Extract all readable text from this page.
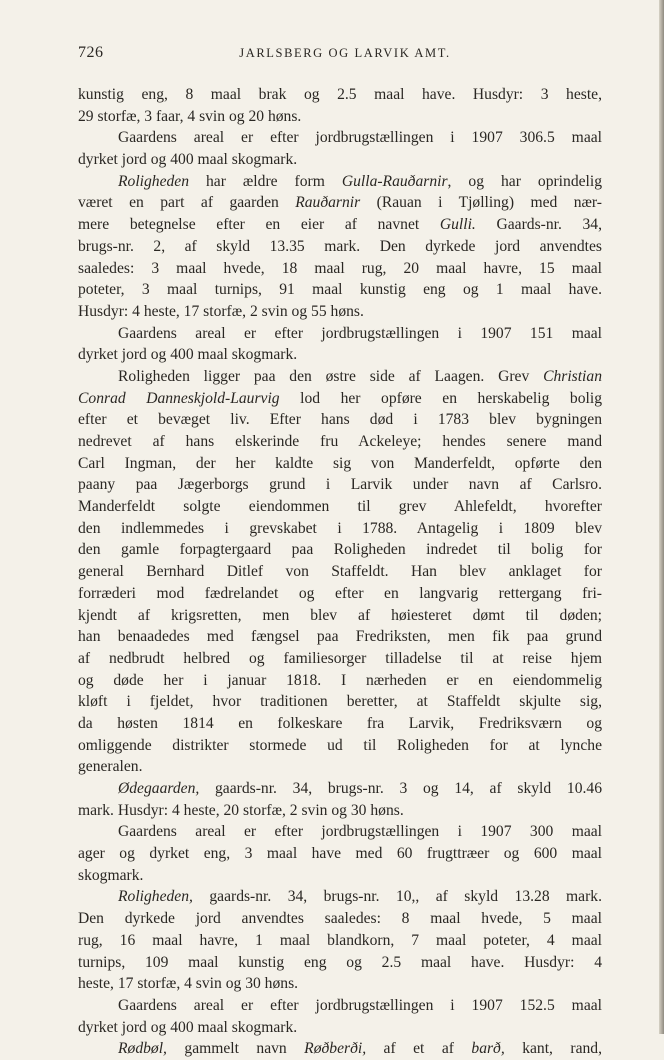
726	JARLSBERG OG LARVIK AMT.
kunstig eng, 8 maal brak og 2.5 maal have. Husdyr: 3 heste,
29 storfæ, 3 faar, 4 svin og 20 høns.
Gaardens areal er efter jordbrugstællingen i 1907 306.5 maal
dyrket jord og 400 maal skogmark.
Roligheden har ældre form Gulla-Rauðarnir, og har oprindelig
været en part af gaarden Rauðarnir (Rauan i Tjølling) med nær-
mere betegnelse efter en eier af navnet Gulli. Gaards-nr. 34,
brugs-nr. 2, af skyld 13.35 mark. Den dyrkede jord anvendtes
saaledes: 3 maal hvede, 18 maal rug, 20 maal havre, 15 maal
poteter, 3 maal turnips, 91 maal kunstig eng og 1 maal have.
Husdyr: 4 heste, 17 storfæ, 2 svin og 55 høns.
Gaardens areal er efter jordbrugstællingen i 1907 151 maal
dyrket jord og 400 maal skogmark.
Roligheden ligger paa den østre side af Laagen. Grev Christian
Conrad Danneskjold-Laurvig lod her opføre en herskabelig bolig
efter et bevæget liv. Efter hans død i 1783 blev bygningen
nedrevet af hans elskerinde fru Ackeleye; hendes senere mand
Carl Ingman, der her kaldte sig von Manderfeldt, opførte den
paany paa Jægerborgs grund i Larvik under navn af Carlsro.
Manderfeldt solgte eiendommen til grev Ahlefeldt, hvorefter
den indlemmedes i grevskabet i 1788. Antagelig i 1809 blev
den gamle forpagtergaard paa Roligheden indredet til bolig for
general Bernhard Ditlef von Staffeldt. Han blev anklaget for
forræderi mod fædrelandet og efter en langvarig rettergang fri-
kjendt af krigsretten, men blev af høiesteret dømt til døden;
han benaadedes med fængsel paa Fredriksten, men fik paa grund
af nedbrudt helbred og familiesorger tilladelse til at reise hjem
og døde her i januar 1818. I nærheden er en eiendommelig
kløft i fjeldet, hvor traditionen beretter, at Staffeldt skjulte sig,
da høsten 1814 en folkeskare fra Larvik, Fredriksværn og
omliggende distrikter stormede ud til Roligheden for at lynche
generalen.
Ødegaarden, gaards-nr. 34, brugs-nr. 3 og 14, af skyld 10.46
mark. Husdyr: 4 heste, 20 storfæ, 2 svin og 30 høns.
Gaardens areal er efter jordbrugstællingen i 1907 300 maal
ager og dyrket eng, 3 maal have med 60 frugttræer og 600 maal
skogmark.
Roligheden, gaards-nr. 34, brugs-nr. 10,, af skyld 13.28 mark.
Den dyrkede jord anvendtes saaledes: 8 maal hvede, 5 maal
rug, 16 maal havre, 1 maal blandkorn, 7 maal poteter, 4 maal
turnips, 109 maal kunstig eng og 2.5 maal have. Husdyr: 4
heste, 17 storfæ, 4 svin og 30 høns.
Gaardens areal er efter jordbrugstællingen i 1907 152.5 maal
dyrket jord og 400 maal skogmark.
Rødbøl, gammelt navn Røðberði, af et af barð, kant, rand,
